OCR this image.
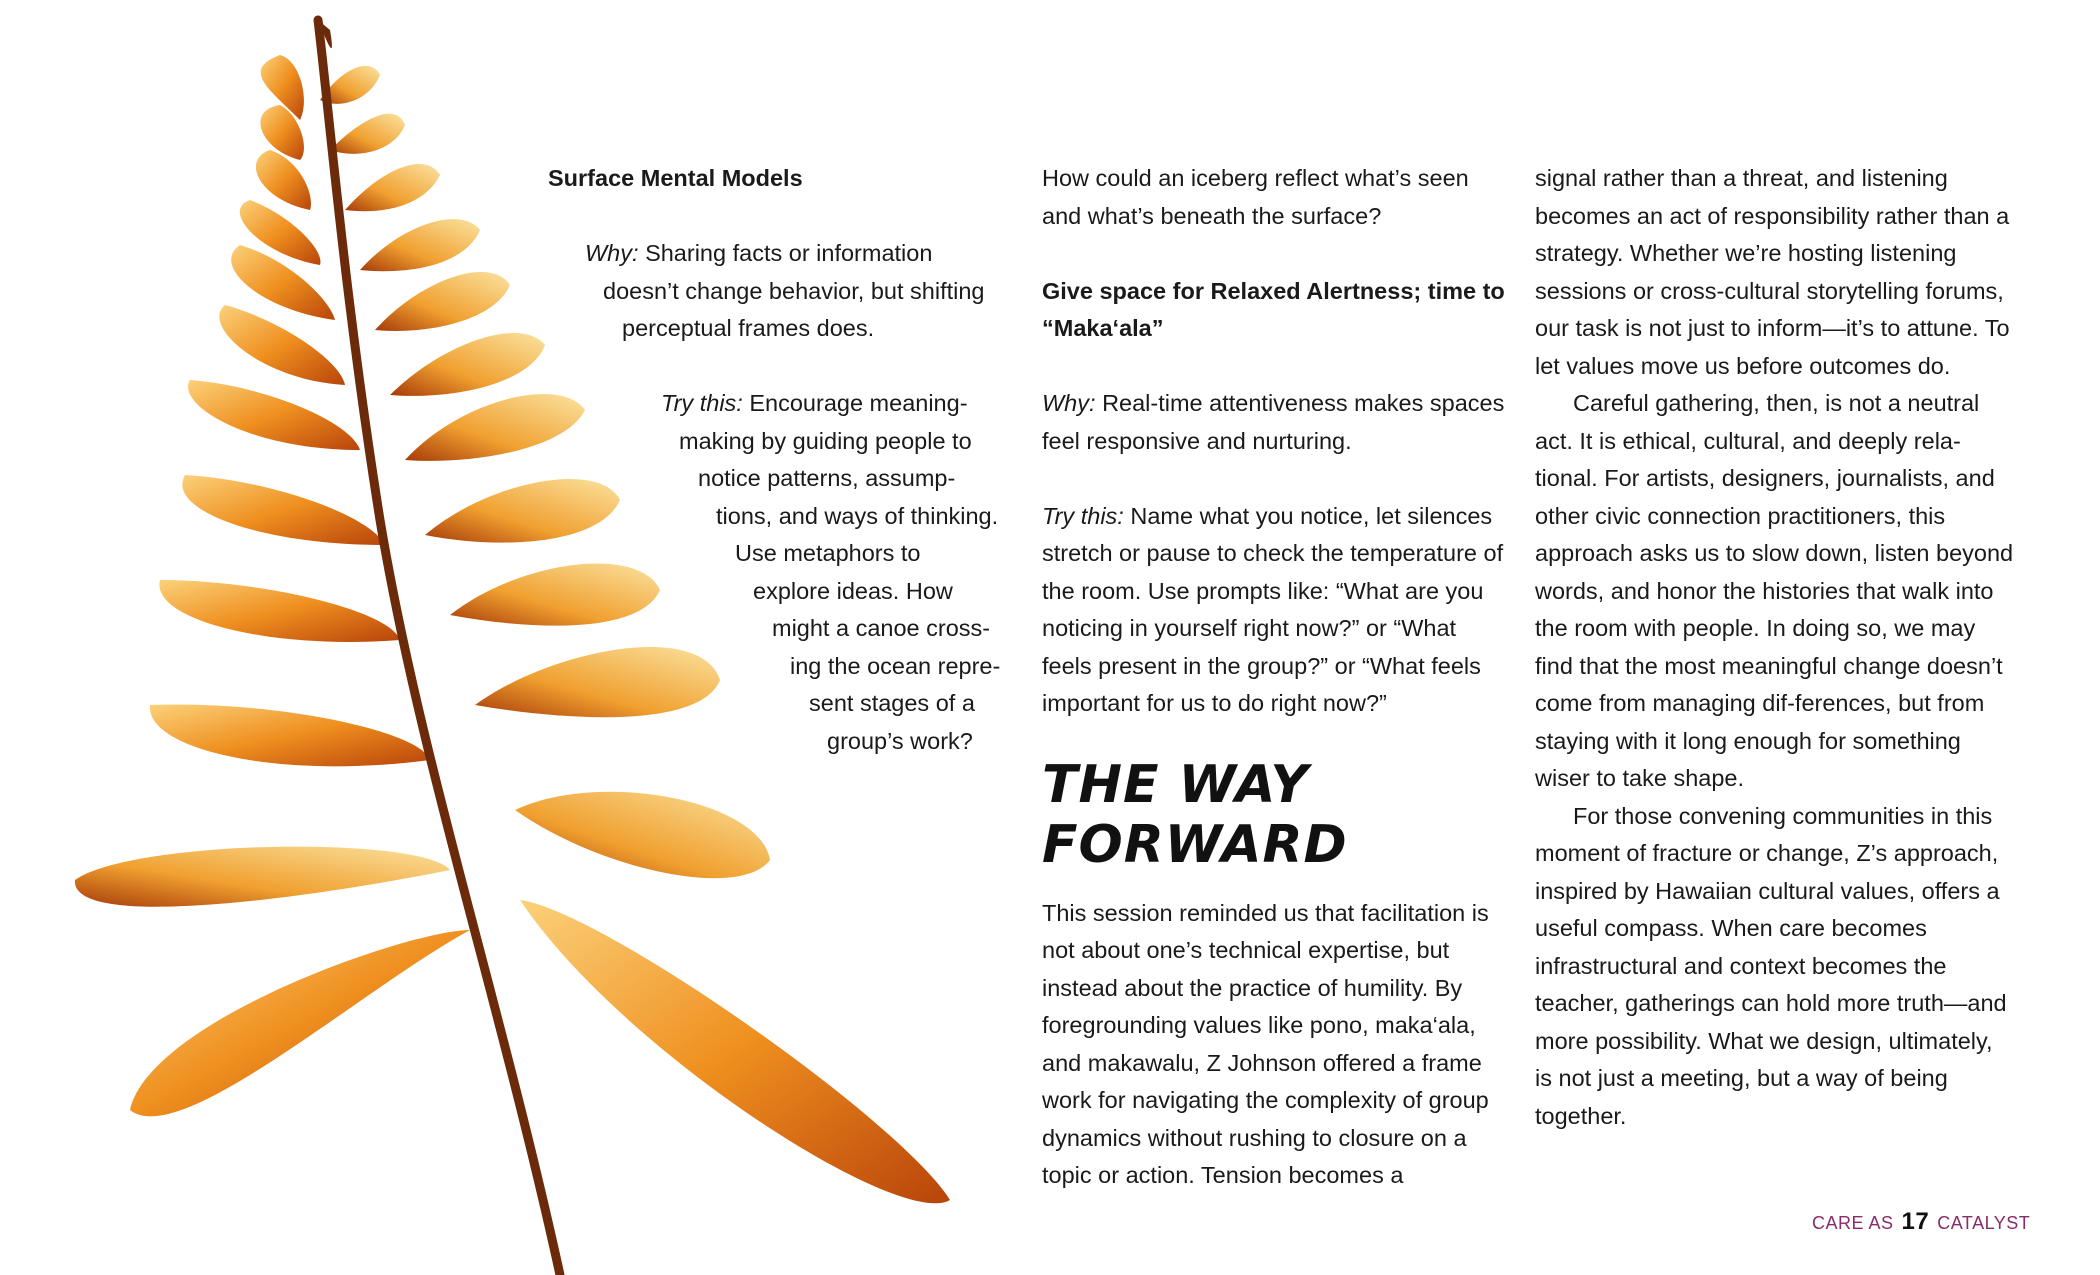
Surface Mental Models

Why: Sharing facts or information
doesn’t change behavior, but shifting
perceptual frames does.

Try this: Encourage meaning-
making by guiding people to
notice patterns, assump-
tions, and ways of thinking.
Use metaphors to
explore ideas. How
might a canoe cross-
ing the ocean repre-
sent stages of a
group’s work?

How could an iceberg reflect what’s seen and what’s beneath the surface?

Give space for Relaxed Alertness; time to “Maka‘ala”

Why: Real-time attentiveness makes spaces feel responsive and nurturing.

Try this: Name what you notice, let silences stretch or pause to check the temperature of the room. Use prompts like: “What are you noticing in yourself right now?” or “What feels present in the group?” or “What feels important for us to do right now?”

THE WAY FORWARD

This session reminded us that facilitation is not about one’s technical expertise, but instead about the practice of humility. By foregrounding values like pono, maka‘ala, and makawalu, Z Johnson offered a frame work for navigating the complexity of group dynamics without rushing to closure on a topic or action. Tension becomes a

signal rather than a threat, and listening becomes an act of responsibility rather than a strategy. Whether we’re hosting listening sessions or cross-cultural storytelling forums, our task is not just to inform—it’s to attune. To let values move us before outcomes do.

Careful gathering, then, is not a neutral act. It is ethical, cultural, and deeply rela-tional. For artists, designers, journalists, and other civic connection practitioners, this approach asks us to slow down, listen beyond words, and honor the histories that walk into the room with people. In doing so, we may find that the most meaningful change doesn’t come from managing dif-ferences, but from staying with it long enough for something wiser to take shape.

For those convening communities in this moment of fracture or change, Z’s approach, inspired by Hawaiian cultural values, offers a useful compass. When care becomes infrastructural and context becomes the teacher, gatherings can hold more truth—and more possibility. What we design, ultimately, is not just a meeting, but a way of being together.

CARE AS 17 CATALYST
